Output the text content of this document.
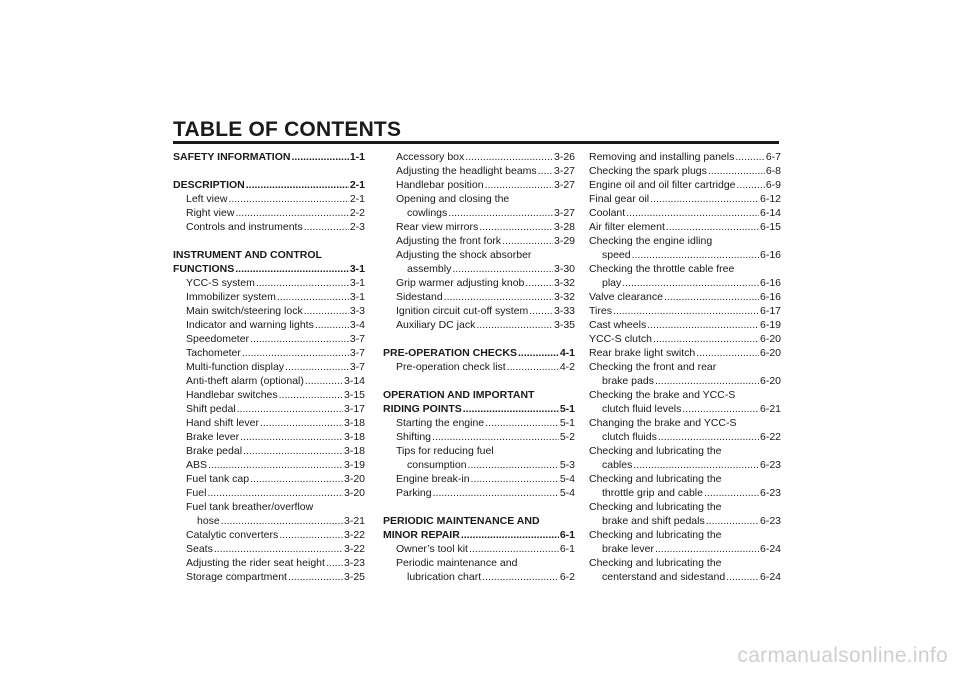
TABLE OF CONTENTS
SAFETY INFORMATION .....	1-1
DESCRIPTION .....	2-1
Left view .....	2-1
Right view .....	2-2
Controls and instruments .....	2-3
INSTRUMENT AND CONTROL
FUNCTIONS .....	3-1
YCC-S system .....	3-1
Immobilizer system .....	3-1
Main switch/steering lock .....	3-3
Indicator and warning lights .....	3-4
Speedometer .....	3-7
Tachometer .....	3-7
Multi-function display .....	3-7
Anti-theft alarm (optional) .....	3-14
Handlebar switches .....	3-15
Shift pedal .....	3-17
Hand shift lever .....	3-18
Brake lever .....	3-18
Brake pedal .....	3-18
ABS .....	3-19
Fuel tank cap .....	3-20
Fuel .....	3-20
Fuel tank breather/overflow
hose .....	3-21
Catalytic converters .....	3-22
Seats .....	3-22
Adjusting the rider seat height ..... 3-23
Storage compartment .....	3-25
Accessory box .....	3-26
Adjusting the headlight beams ..... 3-27
Handlebar position .....	3-27
Opening and closing the
cowlings .....	3-27
Rear view mirrors .....	3-28
Adjusting the front fork .....	3-29
Adjusting the shock absorber
assembly .....	3-30
Grip warmer adjusting knob .....	3-32
Sidestand .....	3-32
Ignition circuit cut-off system ..... 3-33
Auxiliary DC jack .....	3-35
PRE-OPERATION CHECKS .....	4-1
Pre-operation check list .....	4-2
OPERATION AND IMPORTANT
RIDING POINTS .....	5-1
Starting the engine .....	5-1
Shifting .....	5-2
Tips for reducing fuel
consumption .....	5-3
Engine break-in .....	5-4
Parking .....	5-4
PERIODIC MAINTENANCE AND
MINOR REPAIR .....	6-1
Owner’s tool kit .....	6-1
Periodic maintenance and
lubrication chart .....	6-2
Removing and installing panels .....	6-7
Checking the spark plugs .....	6-8
Engine oil and oil filter cartridge .....	6-9
Final gear oil .....	6-12
Coolant .....	6-14
Air filter element .....	6-15
Checking the engine idling
speed .....	6-16
Checking the throttle cable free
play .....	6-16
Valve clearance .....	6-16
Tires .....	6-17
Cast wheels .....	6-19
YCC-S clutch .....	6-20
Rear brake light switch .....	6-20
Checking the front and rear
brake pads .....	6-20
Checking the brake and YCC-S
clutch fluid levels .....	6-21
Changing the brake and YCC-S
clutch fluids .....	6-22
Checking and lubricating the
cables .....	6-23
Checking and lubricating the
throttle grip and cable .....	6-23
Checking and lubricating the
brake and shift pedals .....	6-23
Checking and lubricating the
brake lever .....	6-24
Checking and lubricating the
centerstand and sidestand .....	6-24
carmanualsonline.info
